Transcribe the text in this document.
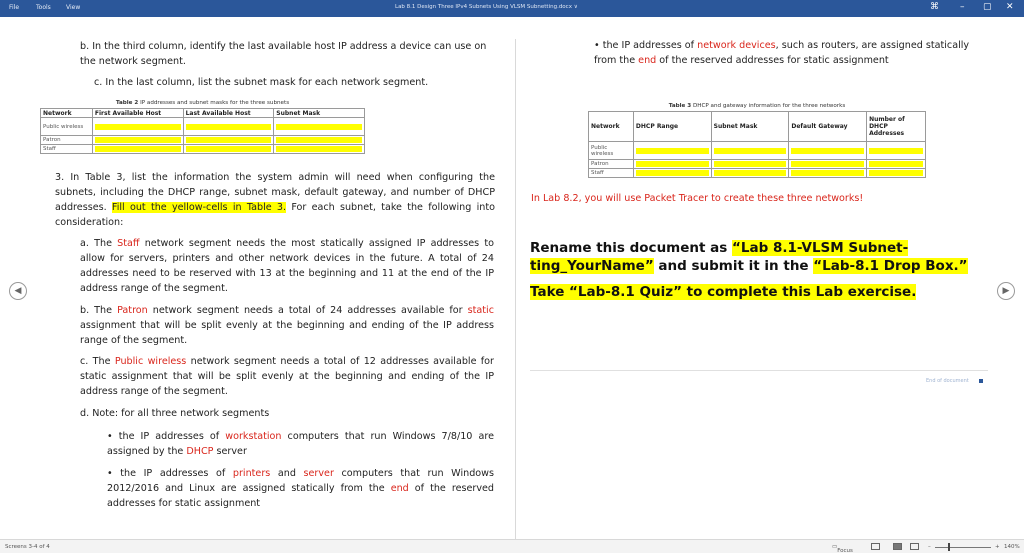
File	Tools	View	Lab 8.1 Design Three IPv4 Subnets Using VLSM Subnetting.docx ∨	⌘ – ▢ ✕
b. In the third column, identify the last available host IP address a device can use on the network segment.
c. In the last column, list the subnet mask for each network segment.
Table 2 IP addresses and subnet masks for the three subnets
Network	First Available Host	Last Available Host	Subnet Mask
Public wireless	

Patron	

Staff	

3. In Table 3, list the information the system admin will need when configuring the subnets, including the DHCP range, subnet mask, default gateway, and number of DHCP addresses. Fill out the yellow-cells in Table 3. For each subnet, take the following into consideration:
a. The Staff network segment needs the most statically assigned IP addresses to allow for servers, printers and other network devices in the future. A total of 24 addresses need to be reserved with 13 at the beginning and 11 at the end of the IP address range of the segment.
b. The Patron network segment needs a total of 24 addresses available for static assignment that will be split evenly at the beginning and ending of the IP address range of the segment.
c. The Public wireless network segment needs a total of 12 addresses available for static assignment that will be split evenly at the beginning and ending of the IP address range of the segment.
d. Note: for all three network segments
• the IP addresses of workstation computers that run Windows 7/8/10 are assigned by the DHCP server
• the IP addresses of printers and server computers that run Windows 2012/2016 and Linux are assigned statically from the end of the reserved addresses for static assignment
• the IP addresses of network devices, such as routers, are assigned statically from the end of the reserved addresses for static assignment
Table 3 DHCP and gateway information for the three networks
Network	DHCP Range	Subnet Mask	Default Gateway	Number of DHCP Addresses
Public wireless	

Patron	

Staff	

In Lab 8.2, you will use Packet Tracer to create these three networks!
Rename this document as “Lab 8.1-VLSM Subnet-ting_YourName” and submit it in the “Lab-8.1 Drop Box.”
Take “Lab-8.1 Quiz” to complete this Lab exercise.
End of document
◀	▶
Screens 3-4 of 4	▭
Focus
–	+ 140%
